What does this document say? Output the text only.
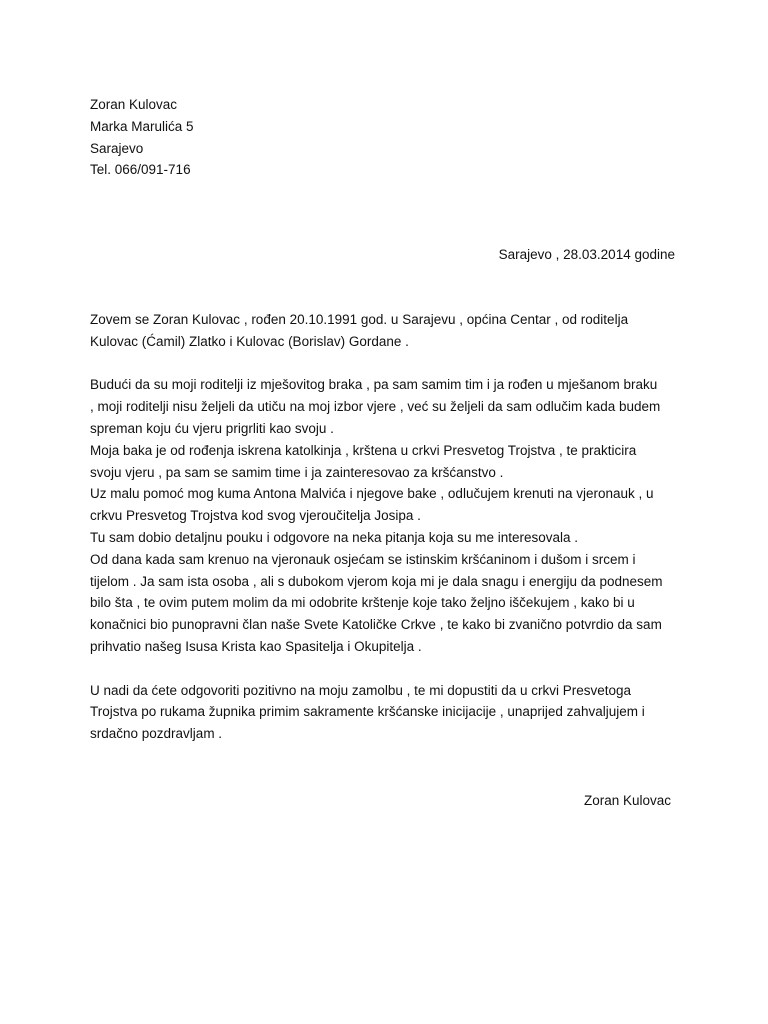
Zoran Kulovac
Marka Marulića 5
Sarajevo
Tel. 066/091-716
Sarajevo , 28.03.2014 godine
Zovem se Zoran Kulovac , rođen 20.10.1991 god. u Sarajevu , općina Centar , od roditelja
Kulovac (Ćamil) Zlatko i Kulovac (Borislav) Gordane .
Budući da su moji roditelji iz mješovitog braka , pa sam samim tim i ja rođen u mješanom braku
, moji roditelji nisu željeli da utiču na moj izbor vjere , već su željeli da sam odlučim kada budem
spreman koju ću vjeru prigrliti kao svoju .
Moja baka je od rođenja iskrena katolkinja , krštena u crkvi Presvetog Trojstva , te prakticira
svoju vjeru , pa sam se samim time i ja zainteresovao za kršćanstvo .
Uz malu pomoć mog kuma Antona Malvića i njegove bake , odlučujem krenuti na vjeronauk , u
crkvu Presvetog Trojstva kod svog vjeroučitelja Josipa .
Tu sam dobio detaljnu pouku i odgovore na neka pitanja koja su me interesovala .
Od dana kada sam krenuo na vjeronauk osjećam se istinskim kršćaninom i dušom i srcem i
tijelom . Ja sam ista osoba , ali s dubokom vjerom koja mi je dala snagu i energiju da podnesem
bilo šta , te ovim putem molim da mi odobrite krštenje koje tako željno iščekujem , kako bi u
konačnici bio punopravni član naše Svete Katoličke Crkve , te kako bi zvanično potvrdio da sam
prihvatio našeg Isusa Krista kao Spasitelja i Okupitelja .
U nadi da ćete odgovoriti pozitivno na moju zamolbu , te mi dopustiti da u crkvi Presvetoga
Trojstva po rukama župnika primim sakramente kršćanske inicijacije , unaprijed zahvaljujem i
srdačno pozdravljam .
Zoran Kulovac
